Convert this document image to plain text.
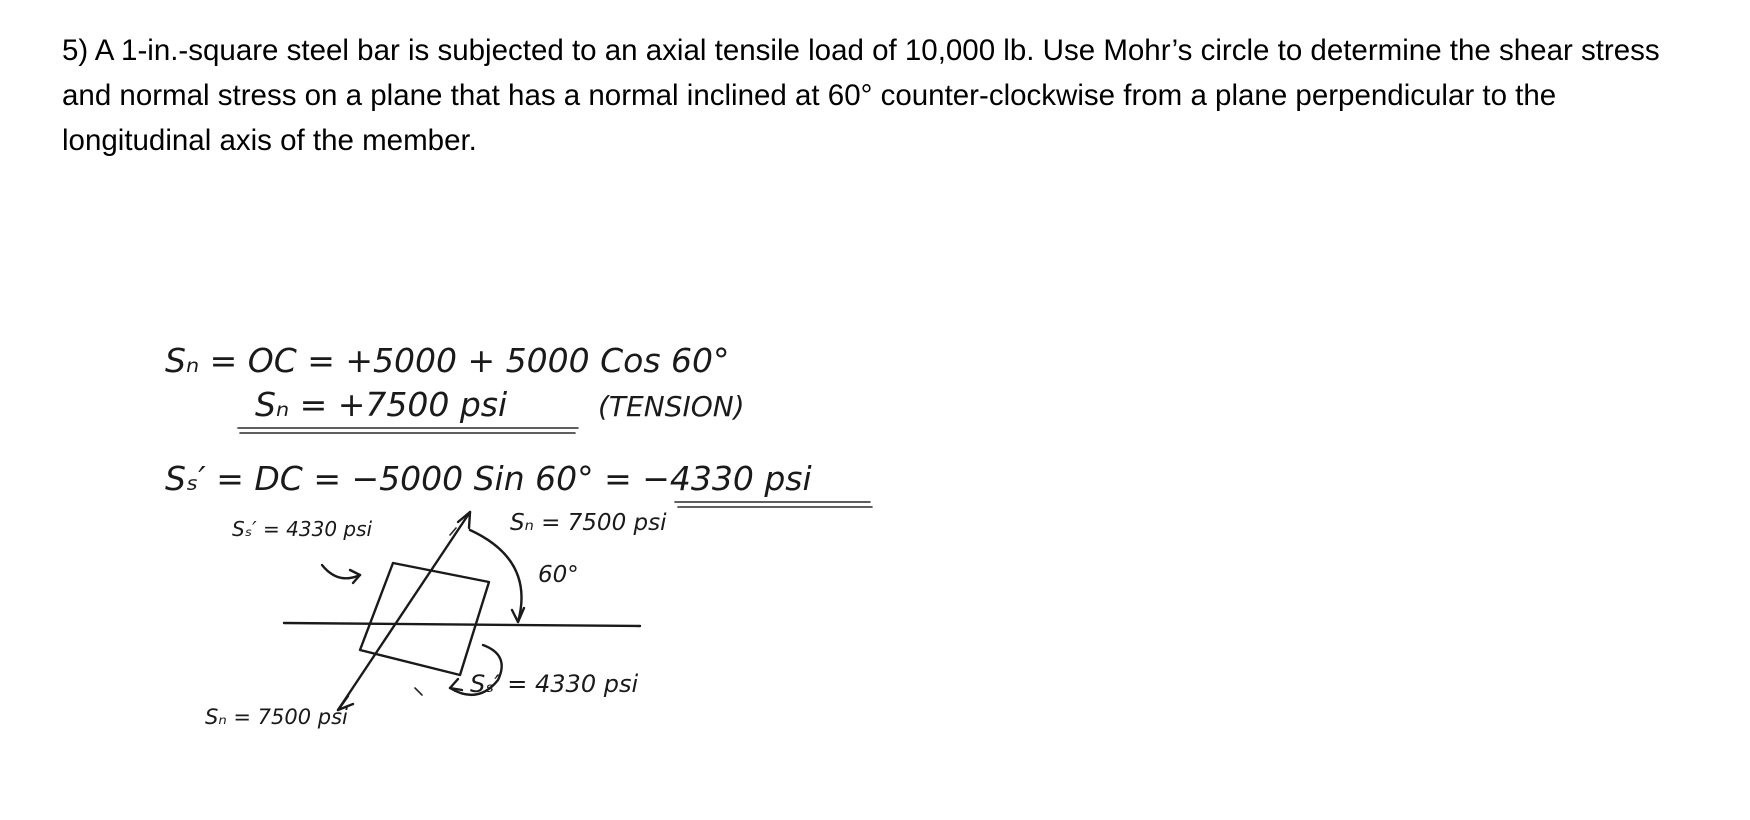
5) A 1-in.-square steel bar is subjected to an axial tensile load of 10,000 lb. Use Mohr’s circle to determine the shear stress and normal stress on a plane that has a normal inclined at 60° counter-clockwise from a plane perpendicular to the longitudinal axis of the member.

Sₙ = OC = +5000 + 5000 Cos 60°
Sₙ = +7500 psi	(TENSION)
Sₛ′ = DC = −5000 Sin 60° = −4330 psi
Sₛ′ = 4330 psi	Sₙ = 7500 psi
60°
Sₛ′ = 4330 psi
Sₙ = 7500 psi
